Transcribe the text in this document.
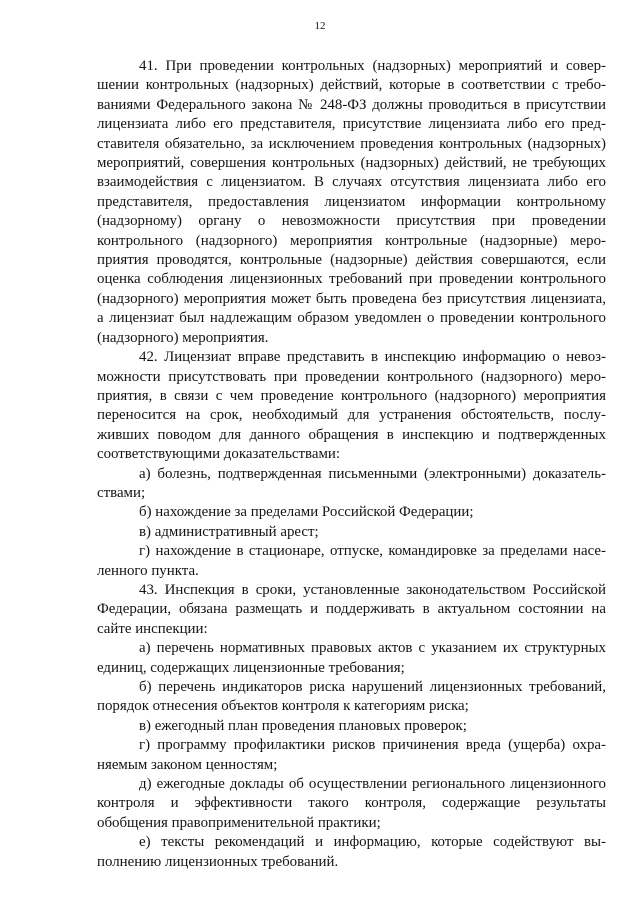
12

41. При проведении контрольных (надзорных) мероприятий и совершении контрольных (надзорных) действий, которые в соответствии с требованиями Федерального закона № 248-ФЗ должны проводиться в присутствии лицензиата либо его представителя, присутствие лицензиата либо его представителя обязательно, за исключением проведения контрольных (надзорных) мероприятий, совершения контрольных (надзорных) действий, не требующих взаимодействия с лицензиатом. В случаях отсутствия лицензиата либо его представителя, предоставления лицензиатом информации контрольному (надзорному) органу о невозможности присутствия при проведении контрольного (надзорного) мероприятия контрольные (надзорные) мероприятия проводятся, контрольные (надзорные) действия совершаются, если оценка соблюдения лицензионных требований при проведении контрольного (надзорного) мероприятия может быть проведена без присутствия лицензиата, а лицензиат был надлежащим образом уведомлен о проведении контрольного (надзорного) мероприятия.

42. Лицензиат вправе представить в инспекцию информацию о невозможности присутствовать при проведении контрольного (надзорного) мероприятия, в связи с чем проведение контрольного (надзорного) мероприятия переносится на срок, необходимый для устранения обстоятельств, послуживших поводом для данного обращения в инспекцию и подтвержденных соответствующими доказательствами:

а) болезнь, подтвержденная письменными (электронными) доказательствами;

б) нахождение за пределами Российской Федерации;

в) административный арест;

г) нахождение в стационаре, отпуске, командировке за пределами населенного пункта.

43. Инспекция в сроки, установленные законодательством Российской Федерации, обязана размещать и поддерживать в актуальном состоянии на сайте инспекции:

а) перечень нормативных правовых актов с указанием их структурных единиц, содержащих лицензионные требования;

б) перечень индикаторов риска нарушений лицензионных требований, порядок отнесения объектов контроля к категориям риска;

в) ежегодный план проведения плановых проверок;

г) программу профилактики рисков причинения вреда (ущерба) охраняемым законом ценностям;

д) ежегодные доклады об осуществлении регионального лицензионного контроля и эффективности такого контроля, содержащие результаты обобщения правоприменительной практики;

е) тексты рекомендаций и информацию, которые содействуют выполнению лицензионных требований.
